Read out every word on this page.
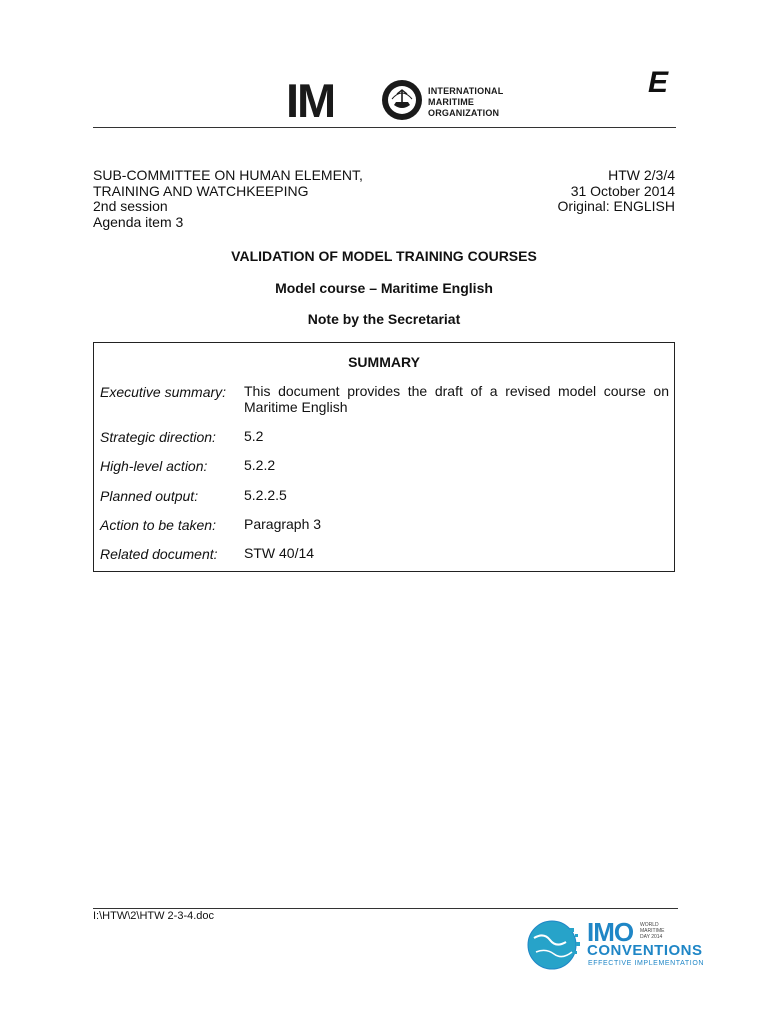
IM	INTERNATIONAL
MARITIME
ORGANIZATION
E
SUB-COMMITTEE ON HUMAN ELEMENT,
TRAINING AND WATCHKEEPING
2nd session
Agenda item 3
HTW 2/3/4
31 October 2014
Original: ENGLISH
VALIDATION OF MODEL TRAINING COURSES
Model course – Maritime English
Note by the Secretariat
SUMMARY
Executive summary: This document provides the draft of a revised model course on Maritime English
Strategic direction: 5.2
High-level action:	5.2.2
Planned output:	5.2.2.5
Action to be taken: Paragraph 3
Related document: STW 40/14
I:\HTW\2\HTW 2-3-4.doc
IMO WORLD
MARITIME
DAY 2014
CONVENTIONS
EFFECTIVE IMPLEMENTATION
